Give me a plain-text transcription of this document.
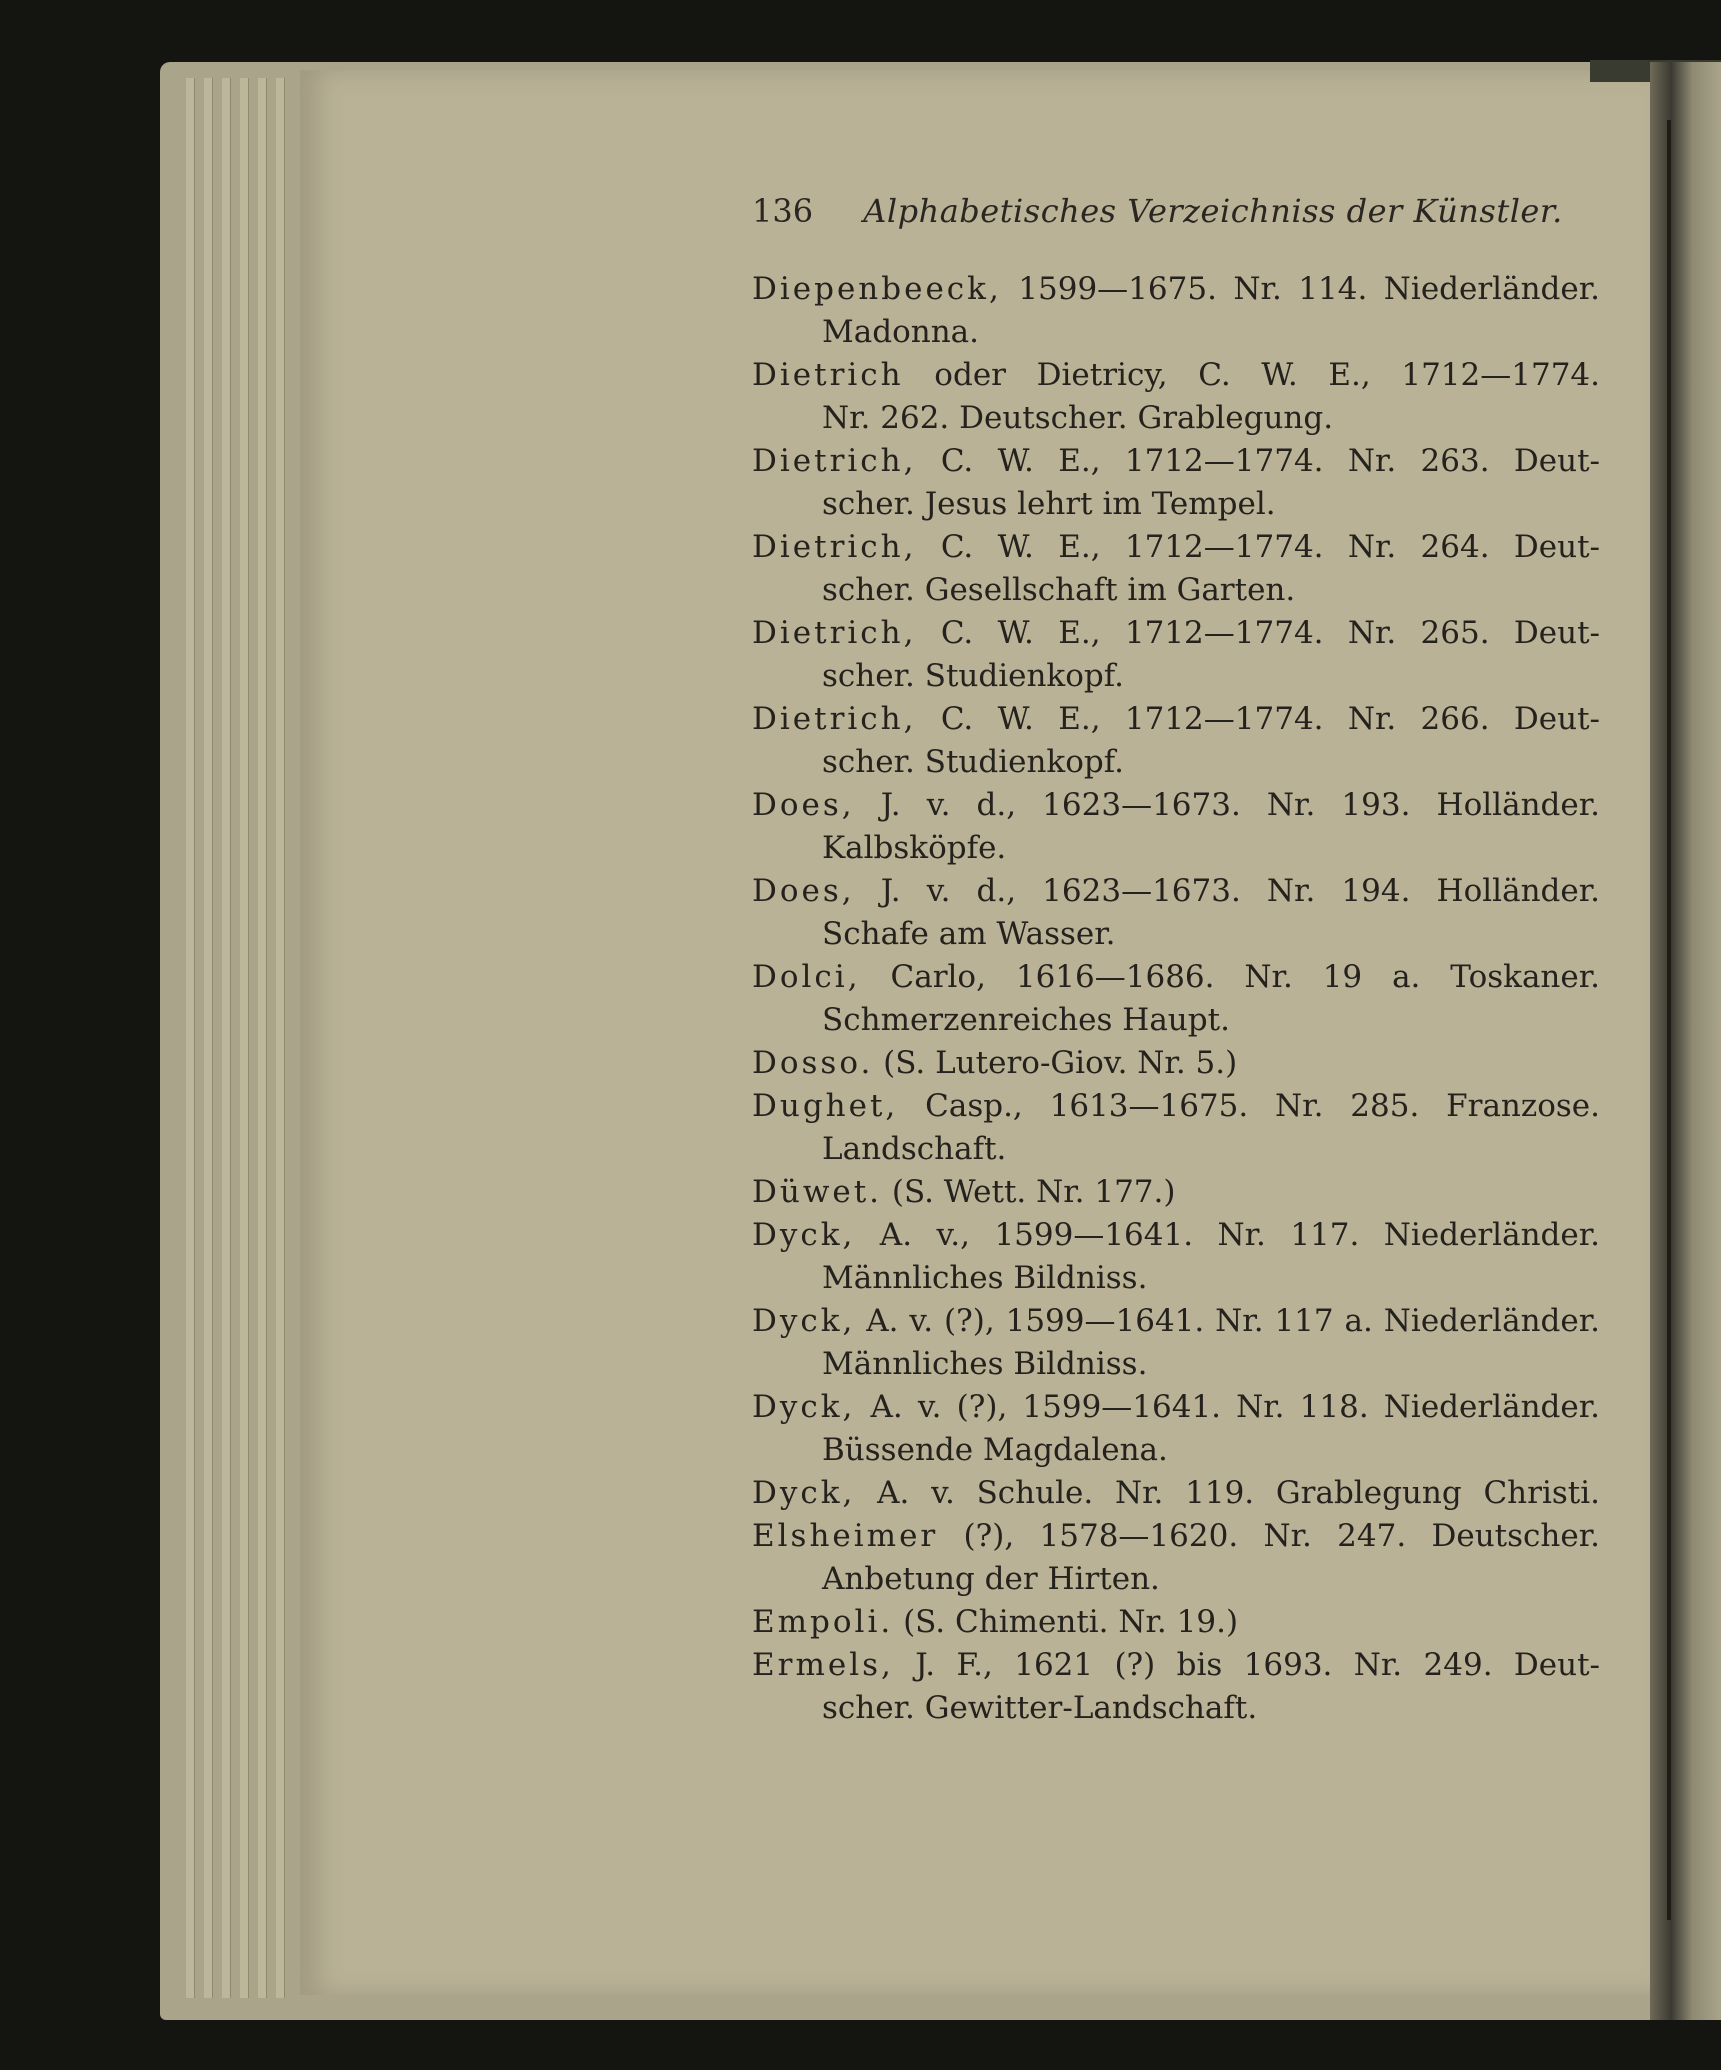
136 Alphabetisches Verzeichniss der Künstler.
Diepenbeeck, 1599—1675. Nr. 114. Niederländer.
Madonna.
Dietrich oder Dietricy, C. W. E., 1712—1774.
Nr. 262. Deutscher. Grablegung.
Dietrich, C. W. E., 1712—1774. Nr. 263. Deut-
scher. Jesus lehrt im Tempel.
Dietrich, C. W. E., 1712—1774. Nr. 264. Deut-
scher. Gesellschaft im Garten.
Dietrich, C. W. E., 1712—1774. Nr. 265. Deut-
scher. Studienkopf.
Dietrich, C. W. E., 1712—1774. Nr. 266. Deut-
scher. Studienkopf.
Does, J. v. d., 1623—1673. Nr. 193. Holländer.
Kalbsköpfe.
Does, J. v. d., 1623—1673. Nr. 194. Holländer.
Schafe am Wasser.
Dolci, Carlo, 1616—1686. Nr. 19 a. Toskaner.
Schmerzenreiches Haupt.
Dosso. (S. Lutero-Giov. Nr. 5.)
Dughet, Casp., 1613—1675. Nr. 285. Franzose.
Landschaft.
Düwet. (S. Wett. Nr. 177.)
Dyck, A. v., 1599—1641. Nr. 117. Niederländer.
Männliches Bildniss.
Dyck, A. v. (?), 1599—1641. Nr. 117 a. Niederländer.
Männliches Bildniss.
Dyck, A. v. (?), 1599—1641. Nr. 118. Niederländer.
Büssende Magdalena.
Dyck, A. v. Schule. Nr. 119. Grablegung Christi.
Elsheimer (?), 1578—1620. Nr. 247. Deutscher.
Anbetung der Hirten.
Empoli. (S. Chimenti. Nr. 19.)
Ermels, J. F., 1621 (?) bis 1693. Nr. 249. Deut-
scher. Gewitter-Landschaft.
